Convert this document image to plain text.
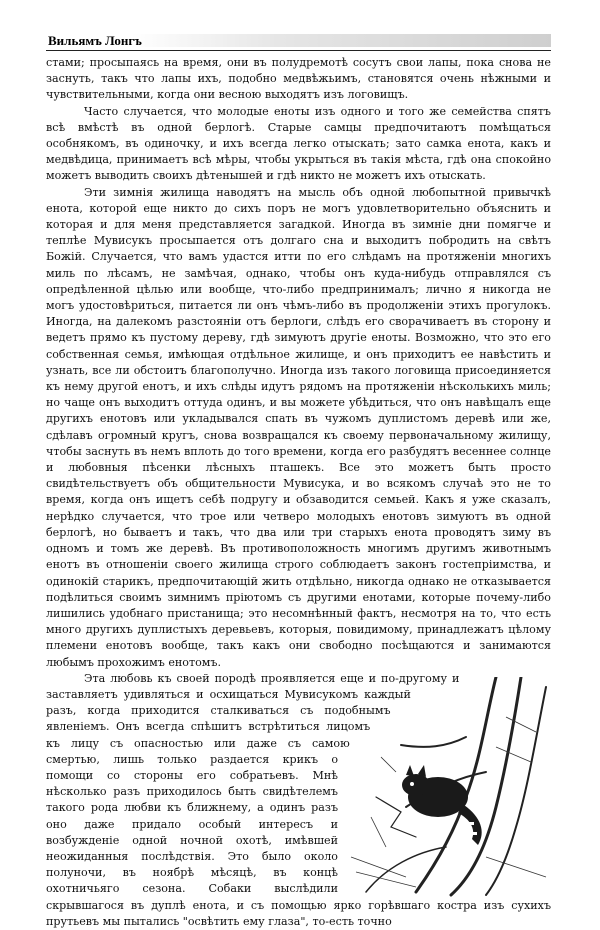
Вильямъ Лонгъ

стами; просыпаясь на время, они въ полудремотѣ сосутъ свои лапы, пока снова не заснуть, такъ что лапы ихъ, подобно медвѣжьимъ, становятся очень нѣжными и чувствительными, когда они весною выходятъ изъ логовищъ.

Часто случается, что молодые еноты изъ одного и того же семейства спятъ всѣ вмѣстѣ въ одной берлогѣ. Старые самцы предпочитаютъ помѣщаться особнякомъ, въ одиночку, и ихъ всегда легко отыскать; зато самка енота, какъ и медвѣдица, принимаетъ всѣ мѣры, чтобы укрыться въ такія мѣста, гдѣ она спокойно можетъ выводить своихъ дѣтенышей и гдѣ никто не можетъ ихъ отыскать.

Эти зимнія жилища наводятъ на мысль объ одной любопытной привычкѣ енота, которой еще никто до сихъ поръ не могъ удовлетворительно объяснить и которая и для меня представляется загадкой. Иногда въ зимніе дни помягче и теплѣе Мувисукъ просыпается отъ долгаго сна и выходитъ побродить на свѣтъ Божій. Случается, что вамъ удастся итти по его слѣдамъ на протяженіи многихъ миль по лѣсамъ, не замѣчая, однако, чтобы онъ куда-нибудь отправлялся съ опредѣленной цѣлью или вообще, что-либо предпринималъ; лично я никогда не могъ удостовѣриться, питается ли онъ чѣмъ-либо въ продолженіи этихъ прогулокъ. Иногда, на далекомъ разстояніи отъ берлоги, слѣдъ его сворачиваетъ въ сторону и ведетъ прямо къ пустому дереву, гдѣ зимуютъ другіе еноты. Возможно, что это его собственная семья, имѣющая отдѣльное жилище, и онъ приходитъ ее навѣстить и узнать, все ли обстоитъ благополучно. Иногда изъ такого логовища присоединяется къ нему другой енотъ, и ихъ слѣды идутъ рядомъ на протяженіи нѣсколькихъ миль; но чаще онъ выходитъ оттуда одинъ, и вы можете убѣдиться, что онъ навѣщалъ еще другихъ енотовъ или укладывался спать въ чужомъ дуплистомъ деревѣ или же, сдѣлавъ огромный кругъ, снова возвращался къ своему первоначальному жилищу, чтобы заснуть въ немъ вплоть до того времени, когда его разбудятъ весеннее солнце и любовныя пѣсенки лѣсныхъ пташекъ. Все это можетъ быть просто свидѣтельствуетъ объ общительности Мувисука, и во всякомъ случаѣ это не то время, когда онъ ищетъ себѣ подругу и обзаводится семьей. Какъ я уже сказалъ, нерѣдко случается, что трое или четверо молодыхъ енотовъ зимуютъ въ одной берлогѣ, но бываетъ и такъ, что два или три старыхъ енота проводятъ зиму въ одномъ и томъ же деревѣ. Въ противоположность многимъ другимъ животнымъ енотъ въ отношеніи своего жилища строго соблюдаетъ законъ гостепріимства, и одинокій старикъ, предпочитающій жить отдѣльно, никогда однако не отказывается подѣлиться своимъ зимнимъ пріютомъ съ другими енотами, которые почему-либо лишились удобнаго пристанища; это несомнѣнный фактъ, несмотря на то, что есть много другихъ дуплистыхъ деревьевъ, которыя, повидимому, принадлежатъ цѣлому племени енотовъ вообще, такъ какъ они свободно посѣщаются и занимаются любымъ прохожимъ енотомъ.

Эта любовь къ своей породѣ проявляется еще и по-другому и заставляетъ удивляться и осхищаться Мувисукомъ каждый разъ, когда приходится сталкиваться съ подобнымъ явленіемъ. Онъ всегда спѣшитъ встрѣтиться лицомъ къ лицу съ опасностью или даже съ самою смертью, лишь только раздается крикъ о помощи со стороны его собратьевъ. Мнѣ нѣсколько разъ приходилось быть свидѣтелемъ такого рода любви къ ближнему, а одинъ разъ оно даже придало особый интересъ и возбужденіе одной ночной охотѣ, имѣвшей неожиданныя послѣдствія. Это было около полуночи, въ ноябрѣ мѣсяцѣ, въ концѣ охотничьяго сезона. Собаки выслѣдили скрывшагося въ дуплѣ енота, и съ помощью ярко горѣвшаго костра изъ сухихъ прутьевъ мы пытались "освѣтить ему глаза", то-есть точно
